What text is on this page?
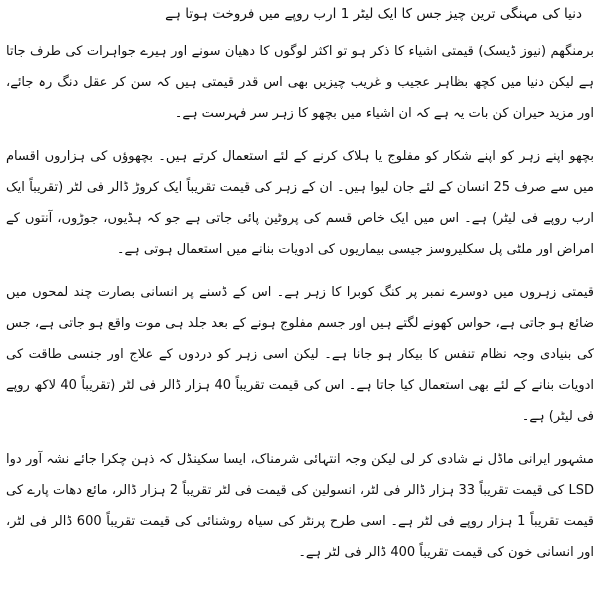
دنیا کی مہنگی ترین چیز جس کا ایک لیٹر 1 ارب روپے میں فروخت ہوتا ہے

برمنگھم (نیوز ڈیسک) قیمتی اشیاء کا ذکر ہو تو اکثر لوگوں کا دھیان سونے اور ہیرے جواہرات کی طرف جاتا ہے لیکن دنیا میں کچھ بظاہر عجیب و غریب چیزیں بھی اس قدر قیمتی ہیں کہ سن کر عقل دنگ رہ جائے، اور مزید حیران کن بات یہ ہے کہ ان اشیاء میں بچھو کا زہر سر فہرست ہے۔

بچھو اپنے زہر کو اپنے شکار کو مفلوج یا ہلاک کرنے کے لئے استعمال کرتے ہیں۔ بچھوؤں کی ہزاروں اقسام میں سے صرف 25 انسان کے لئے جان لیوا ہیں۔ ان کے زہر کی قیمت تقریباً ایک کروڑ ڈالر فی لٹر (تقریباً ایک ارب روپے فی لیٹر) ہے۔ اس میں ایک خاص قسم کی پروٹین پائی جاتی ہے جو کہ ہڈیوں، جوڑوں، آنتوں کے امراض اور ملٹی پل سکلیروسز جیسی بیماریوں کی ادویات بنانے میں استعمال ہوتی ہے۔

قیمتی زہروں میں دوسرے نمبر پر کنگ کوبرا کا زہر ہے۔ اس کے ڈسنے پر انسانی بصارت چند لمحوں میں ضائع ہو جاتی ہے، حواس کھونے لگتے ہیں اور جسم مفلوج ہونے کے بعد جلد ہی موت واقع ہو جاتی ہے، جس کی بنیادی وجہ نظام تنفس کا بیکار ہو جانا ہے۔ لیکن اسی زہر کو دردوں کے علاج اور جنسی طاقت کی ادویات بنانے کے لئے بھی استعمال کیا جاتا ہے۔ اس کی قیمت تقریباً 40 ہزار ڈالر فی لٹر (تقریباً 40 لاکھ روپے فی لیٹر) ہے۔

مشہور ایرانی ماڈل نے شادی کر لی لیکن وجہ انتہائی شرمناک، ایسا سکینڈل کہ ذہن چکرا جائے نشہ آور دوا LSD کی قیمت تقریباً 33 ہزار ڈالر فی لٹر، انسولین کی قیمت فی لٹر تقریباً 2 ہزار ڈالر، مائع دھات پارے کی قیمت تقریباً 1 ہزار روپے فی لٹر ہے۔ اسی طرح پرنٹر کی سیاہ روشنائی کی قیمت تقریباً 600 ڈالر فی لٹر، اور انسانی خون کی قیمت تقریباً 400 ڈالر فی لٹر ہے۔
